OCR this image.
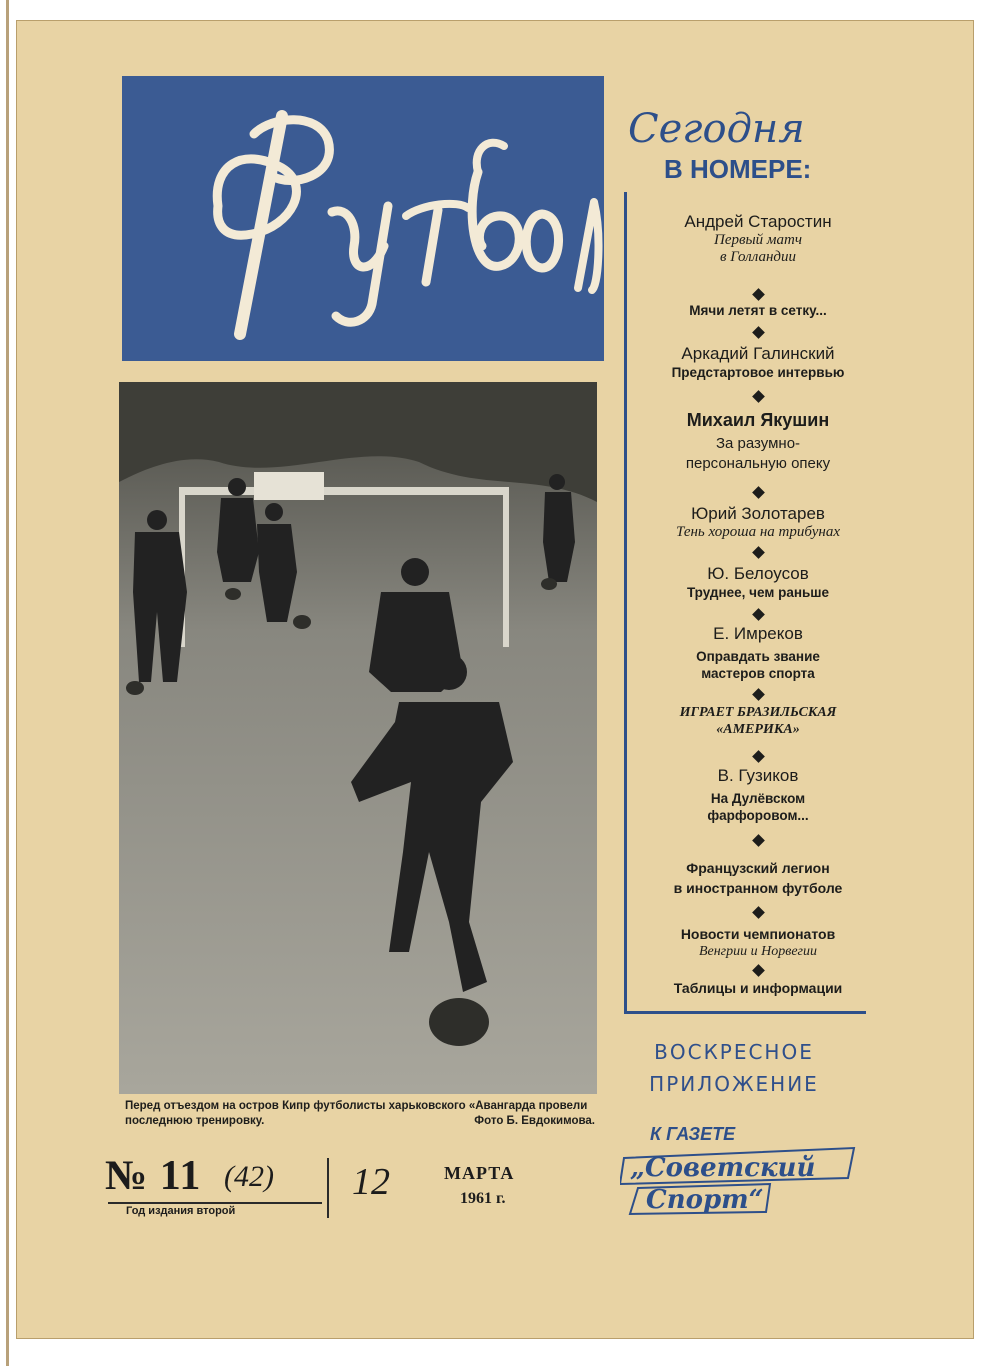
Перед отъездом на остров Кипр футболисты харьковского «Авангарда провели последнюю тренировку.	Фото Б. Евдокимова.
№ 11 (42)
Год издания второй
12	МАРТА
1961 г.
Сегодня
В НОМЕРЕ:
Андрей Старостин
Первый матч
в Голландии
Мячи летят в сетку...
Аркадий Галинский
Предстартовое интервью
Михаил Якушин
За разумно-
персональную опеку
Юрий Золотарев
Тень хороша на трибунах
Ю. Белоусов
Труднее, чем раньше
Е. Имреков
Оправдать звание
мастеров спорта
ИГРАЕТ БРАЗИЛЬСКАЯ
«АМЕРИКА»
В. Гузиков
На Дулёвском
фарфоровом...
Французский легион
в иностранном футболе
Новости чемпионатов
Венгрии и Норвегии
Таблицы и информации
ВОСКРЕСНОЕ
ПРИЛОЖЕНИЕ
К ГАЗЕТЕ
„Советский
Спорт“
